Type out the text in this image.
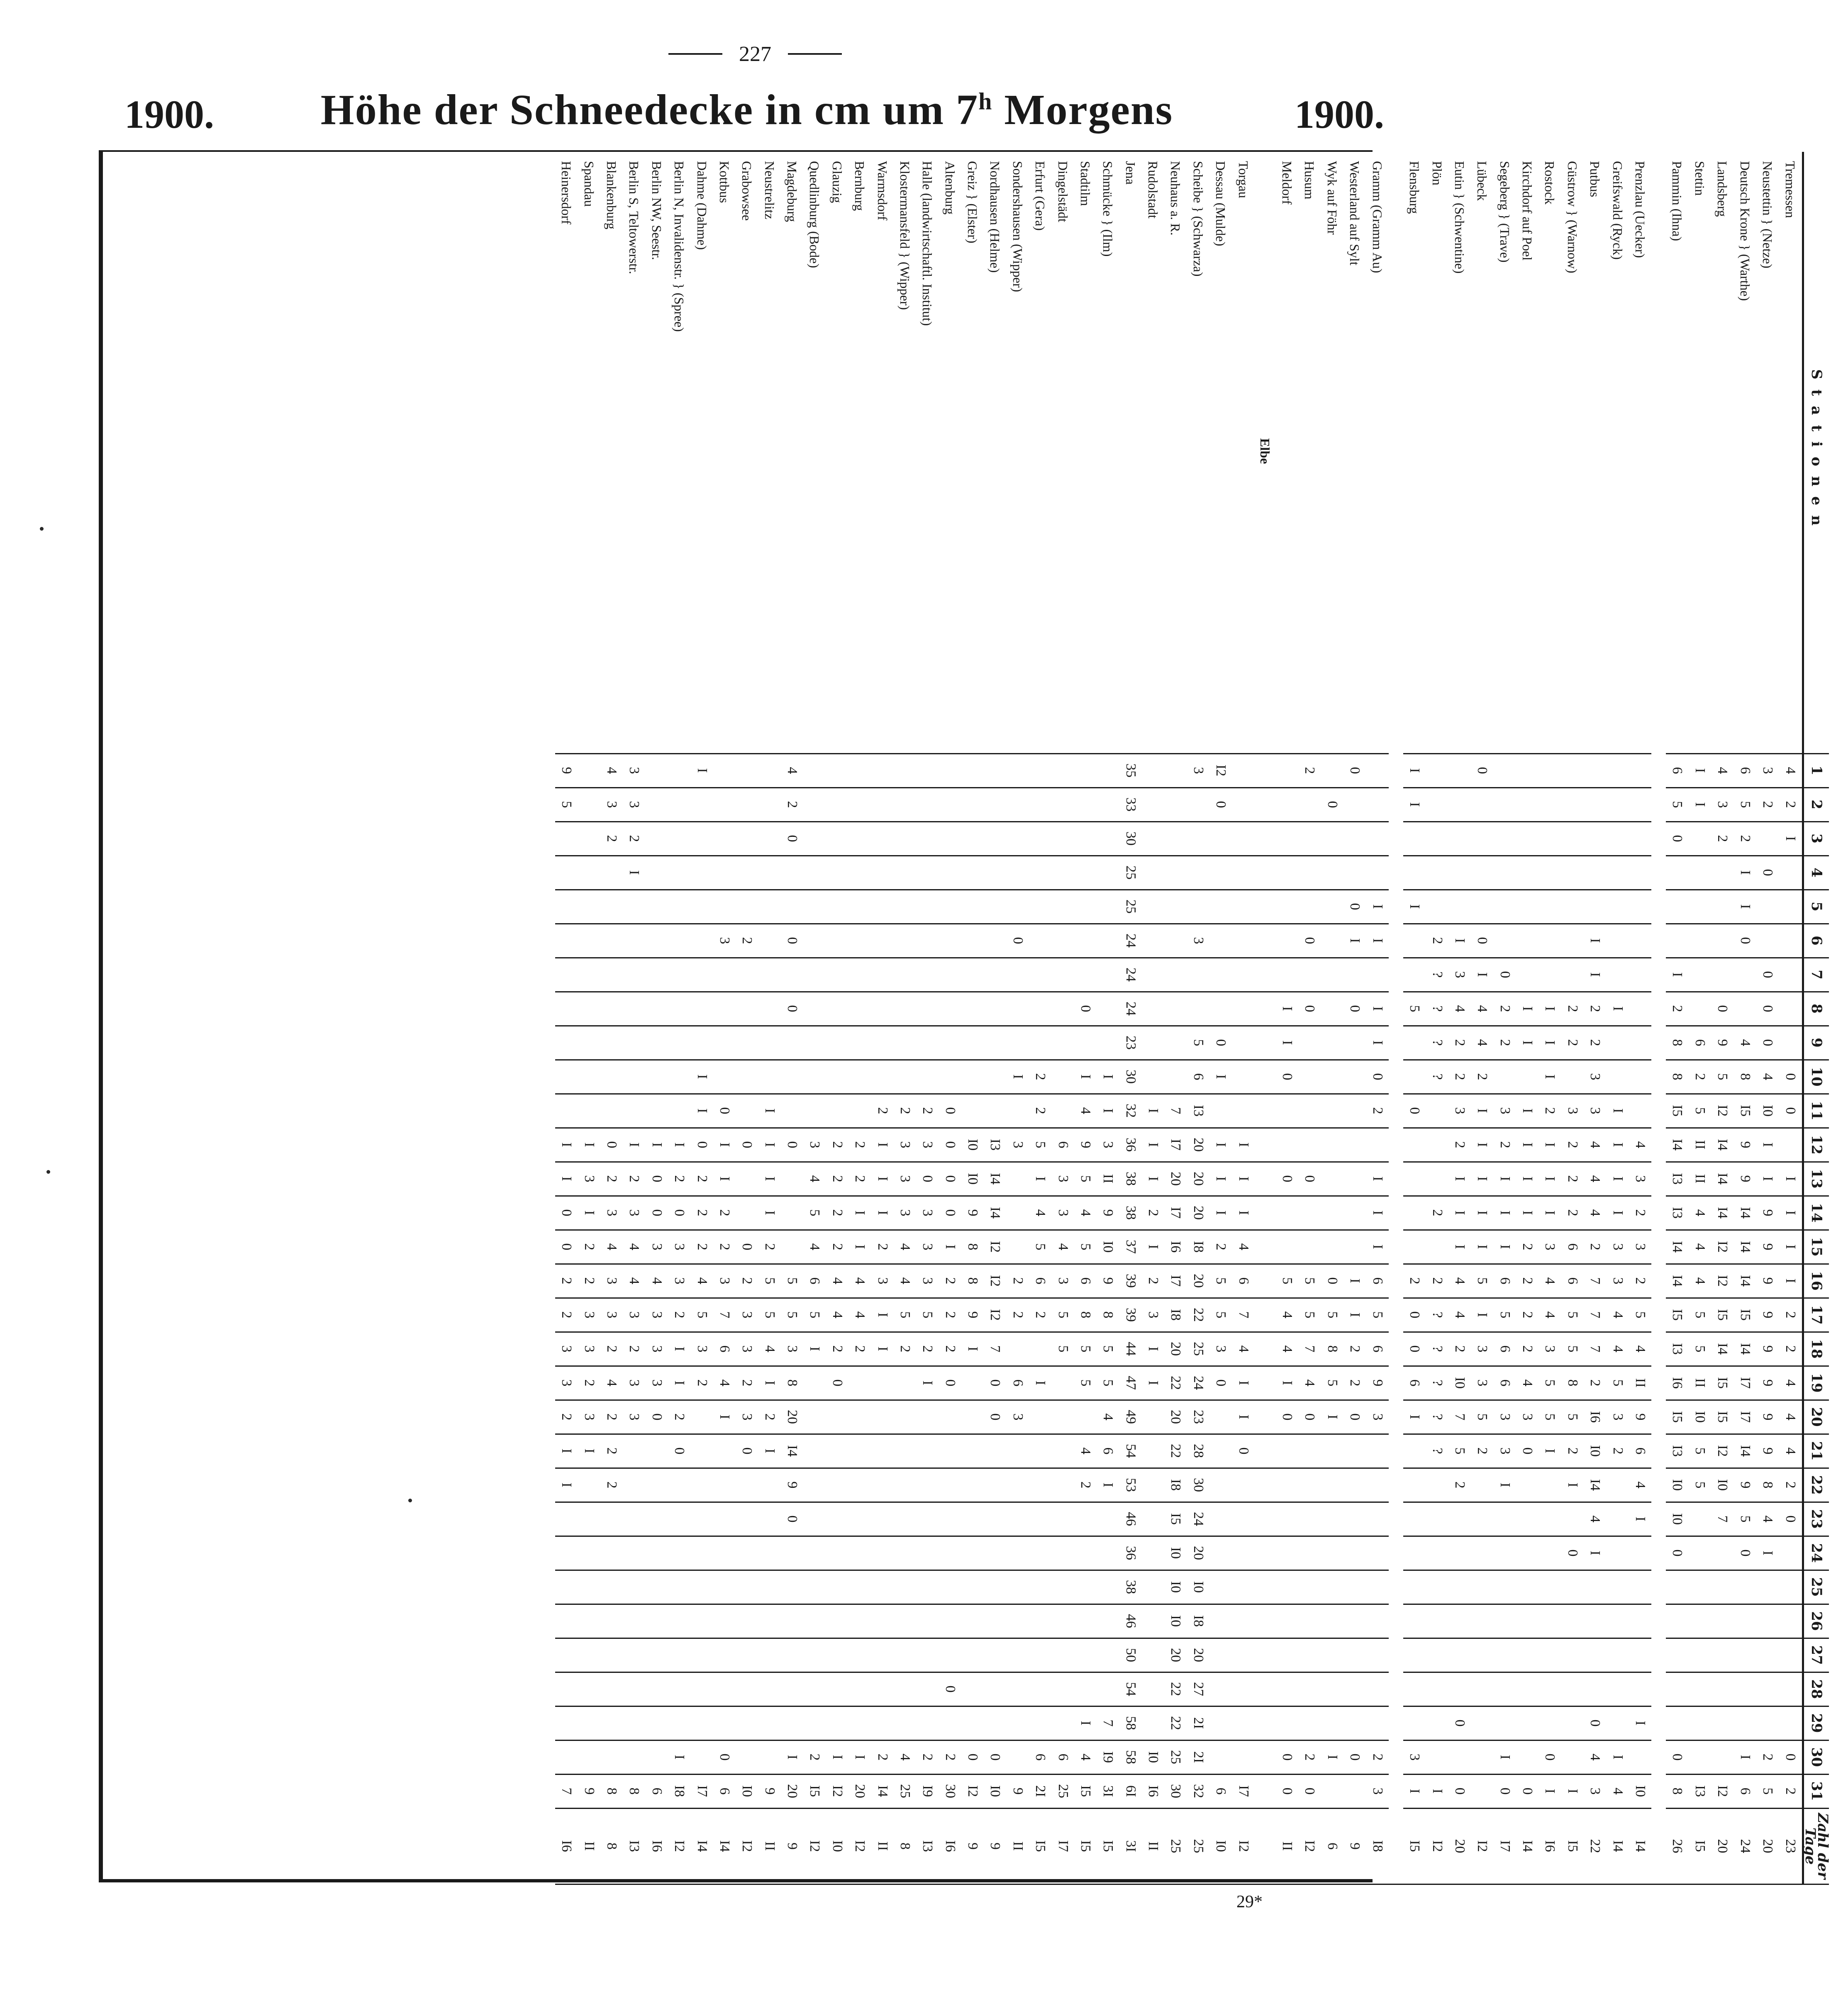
227
1900.	Höhe der Schneedecke in cm um 7$^h$ Morgens	1900.
Stationen	1	2	3	4	5	6	7	8	9	10	11	12	13	14	15	16	17	18	19	20	21	22	23	24	25	26	27	28	29	30	31	Zahl der Tage
Tremessen	4	2	I							0	0		I	I	I	I	2	2	4	4	4	2	0							0	2	23
Neustettin } (Netze)	3	2		0			0	0	0	4	I0	I	I	9	9	9	9	9	9	9	9	8	4	I						2	5	20
Deutsch Krone } (Warthe)	6	5	2	I	I	0			4	8	I5	9	9	I4	I4	I4	I5	I4	I7	I7	I4	9	5	0						I	6	24
Landsberg	4	3	2					0	9	5	I2	I4	I4	I4	I2	I2	I5	I4	I5	I5	I2	I0	7								I2	20
Stettin	I	I							6	2	5	II	II	4	4	4	5	5	II	I0	5	5									I3	I5
Pammin (Ihna)	6	5	0				I	2	8	8	I5	I4	I3	I3	I4	I4	I5	I3	I6	I5	I3	I0	I0	0						0	8	26

Prenzlau (Uecker)												4	3	2	3	2	5	4	II	9	6	4	I						I		I0	I4
Greifswald (Ryck)								I			I	I	I	I	3	3	4	4	5	3	2									I	4	I4
Putbus						I	I	2	2	3	3	4	4	4	2	7	7	7	2	I6	I0	I4	4	I					0	4	3	22
Güstrow } (Warnow)								2	2		3	2	2	2	6	6	5	5	8	5	2	I		0							I	I5
Rostock								I	I	I	2	I	I	I	3	4	4	3	5	5	I									0	I	I6
Kirchdorf auf Poel								I	I		I	I	I	I	2	2	2	2	4	3	0										0	I4
Segeberg } (Trave)							0	2	2		3	2	I	I	I	6	5	6	6	3	3	I								I	0	I7
Lübeck	0					0	I	4	4	2	I	I	I	I	I	5	I	3	3	5	2											I2
Eutin } (Schwentine)						I	3	4	2	2	3	2	I	I	I	4	4	2	I0	7	5	2							0		0	20
Plön						2	?	?	?	?				2		2	?	?	?	?	?										I	I2
Flensburg	I	I			I			5			0					2	0	0	6	I										3	I	I5

Gramm (Gramm Au)					I	I		I	I	0	2		I	I	I	6	5	6	9	3										2	3	I8
Westerland auf Sylt	0				0	I		0								I	I	2	2	0										0		9
Wyk auf Föhr		0														0	5	8	5	I										I		6
Husum	2					0		0					0			5	5	7	4	0										2	0	I2
Meldorf								I	I	0			0			5	4	4	I	0										0	0	II
Elbe																																
Torgau												I	I	I	4	6	7	4	I	I	0										I7	I2
Dessau (Mulde)	I2	0							0	I		I	I	I	2	5	5	3	0												6	I0
Scheibe } (Schwarza)	3					3			5	6	I3	20	20	20	I8	20	22	25	24	23	28	30	24	20	I0	I8	20	27	2I	2I	32	25
Neuhaus a. R.											7	I7	20	I7	I6	I7	I8	20	22	20	22	I8	I5	I0	I0	I0	20	22	22	25	30	25
Rudolstadt											I	I	I	2	I	2	3	I	I											I0	I6	II
Jena	35	33	30	25	25	24	24	24	23	30	32	36	38	38	37	39	39	44	47	49	54	53	46	36	38	46	50	54	58	58	6I	3I
Schmücke } (Ilm)										I	I	3	II	9	I0	9	8	5	5	4	6	I							7	I9	3I	I5
Stadtilm								0		I	4	9	5	4	5	6	8	5	5		4	2							I	4	I5	I5
Dingelstädt												6	3	3	4	3	5	5												6	25	I7
Erfurt (Gera)										2	2	5	I	4	5	6	2		I											6	2I	I5
Sondershausen (Wipper)						0				I		3				2	2		6	3											9	II
Nordhausen (Helme)												I3	I4	I4	I2	I2	I2	7	0	0										0	I0	9
Greiz } (Elster)												I0	I0	9	8	8	9	I												0	I2	9
Altenburg											0	0	0	0	I	2	2	2	0									0		2	30	I6
Halle (landwirtschaftl. Institut)											2	3	0	3	3	3	5	2	I											2	I9	I3
Klostermansfeld } (Wipper)											2	3	3	3	4	4	5	2												4	25	8
Warmsdorf											2	I	I	I	2	3	I	I												2	I4	II
Bernburg												2	2	I	I	4	4	2												I	20	I2
Glauzig												2	2	2	2	4	4	2	0											I	I2	I0
Quedlinburg (Bode)												3	4	5	4	6	5	I												2	I5	I2
Magdeburg	4	2	0			0		0				0				5	5	3	8	20	I4	9	0							I	20	9
Neustrelitz											I	I	I	I	2	5	5	4	I	2	I										9	II
Grabowsee						2						0			0	2	3	3	2	3	0										I0	I2
Kottbus						3					0	I	I	2	2	3	7	6	4	I										0	6	I4
Dahme (Dahme)	I									I	I	0	2	2	2	4	5	3	2												I7	I4
Berlin N, Invalidenstr. } (Spree)												I	2	0	3	3	2	I	I	2	0									I	I8	I2
Berlin NW, Seestr.												I	0	0	3	4	3	3	3	0											6	I6
Berlin S, Teltowerstr.	3	3	2	I								I	2	3	4	4	3	2	3	3											8	I3
Blankenburg	4	3	2									0	2	3	4	3	3	2	4	2	2	2									8	8
Spandau												I	3	I	2	2	3	3	2	3	I										9	II
Heinersdorf	9	5										I	I	0	0	2	2	3	3	2	I	I									7	I6
29*
